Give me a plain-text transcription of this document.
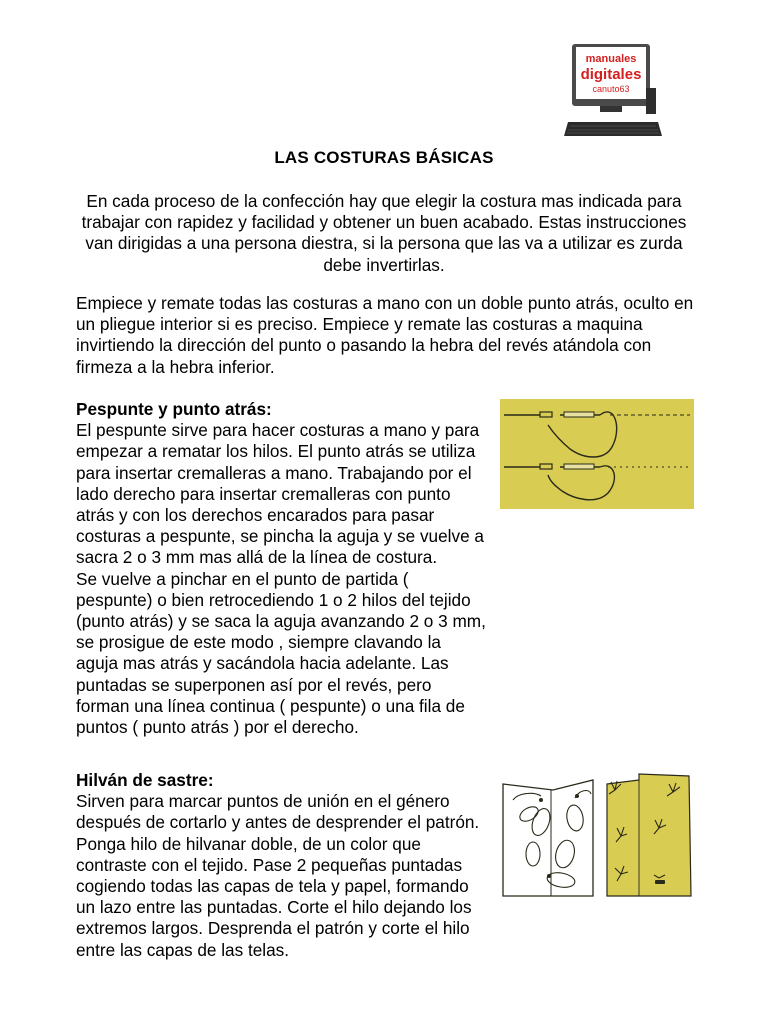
manuales
digitales
canuto63
LAS COSTURAS BÁSICAS

En cada proceso de la confección hay que elegir la costura mas indicada para trabajar con rapidez y facilidad y obtener un buen acabado. Estas instrucciones van dirigidas a una persona diestra, si la persona que las va a utilizar es zurda debe invertirlas.

Empiece y remate todas las costuras a mano con un doble punto atrás, oculto en un pliegue interior si es preciso. Empiece y remate las costuras a maquina invirtiendo la dirección del punto o pasando la hebra del revés atándola con firmeza a la hebra inferior.

Pespunte y punto atrás:

El pespunte sirve para hacer costuras a mano y para empezar a rematar los hilos. El punto atrás se utiliza para insertar cremalleras a mano. Trabajando por el lado derecho para insertar cremalleras con punto atrás y con los derechos encarados para pasar costuras a pespunte, se pincha la aguja y se vuelve a sacra 2 o 3 mm mas allá de la línea de costura.

Se vuelve a pinchar en el punto de partida ( pespunte) o bien retrocediendo 1 o 2 hilos del tejido (punto atrás) y se saca la aguja avanzando 2 o 3 mm, se prosigue de este modo , siempre clavando la aguja mas atrás y sacándola hacia adelante. Las puntadas se superponen así por el revés, pero forman una línea continua ( pespunte) o una fila de puntos ( punto atrás ) por el derecho.

Hilván de sastre:

Sirven para marcar puntos de unión en el género después de cortarlo y antes de desprender el patrón. Ponga hilo de hilvanar doble, de un color que contraste con el tejido. Pase 2 pequeñas puntadas cogiendo todas las capas de tela y papel, formando un lazo entre las puntadas. Corte el hilo dejando los extremos largos. Desprenda el patrón y corte el hilo entre las capas de las telas.
